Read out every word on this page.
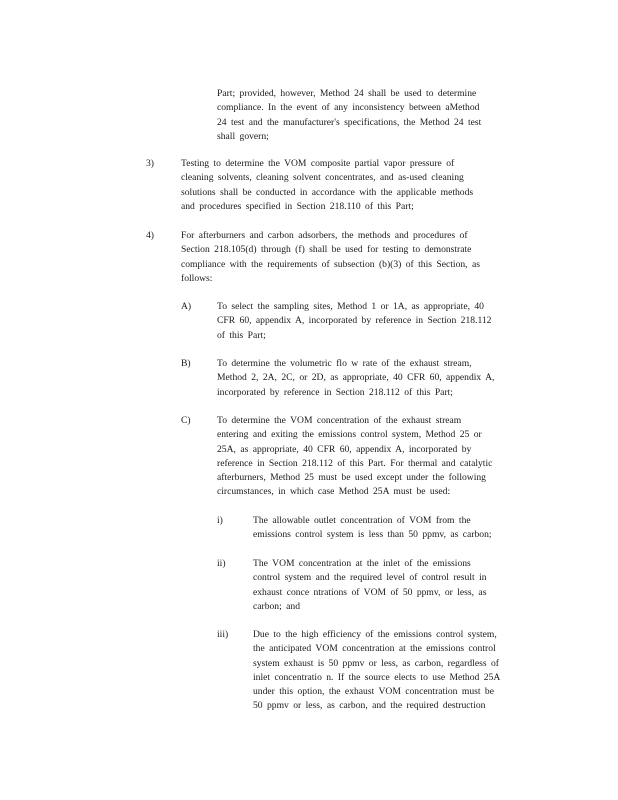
Part; provided, however, Method 24 shall be used to determine
compliance. In the event of any inconsistency between aMethod
24 test and the manufacturer's specifications, the Method 24 test
shall govern;
3)	Testing to determine the VOM composite partial vapor pressure of
cleaning solvents, cleaning solvent concentrates, and as-used cleaning
solutions shall be conducted in accordance with the applicable methods
and procedures specified in Section 218.110 of this Part;
4)	For afterburners and carbon adsorbers, the methods and procedures of
Section 218.105(d) through (f) shall be used for testing to demonstrate
compliance with the requirements of subsection (b)(3) of this Section, as
follows:
A)	To select the sampling sites, Method 1 or 1A, as appropriate, 40
CFR 60, appendix A, incorporated by reference in Section 218.112
of this Part;
B)	To determine the volumetric flo w rate of the exhaust stream,
Method 2, 2A, 2C, or 2D, as appropriate, 40 CFR 60, appendix A,
incorporated by reference in Section 218.112 of this Part;
C)	To determine the VOM concentration of the exhaust stream
entering and exiting the emissions control system, Method 25 or
25A, as appropriate, 40 CFR 60, appendix A, incorporated by
reference in Section 218.112 of this Part. For thermal and catalytic
afterburners, Method 25 must be used except under the following
circumstances, in which case Method 25A must be used:
i)	The allowable outlet concentration of VOM from the
emissions control system is less than 50 ppmv, as carbon;
ii)	The VOM concentration at the inlet of the emissions
control system and the required level of control result in
exhaust conce ntrations of VOM of 50 ppmv, or less, as
carbon; and
iii)	Due to the high efficiency of the emissions control system,
the anticipated VOM concentration at the emissions control
system exhaust is 50 ppmv or less, as carbon, regardless of
inlet concentratio n. If the source elects to use Method 25A
under this option, the exhaust VOM concentration must be
50 ppmv or less, as carbon, and the required destruction
